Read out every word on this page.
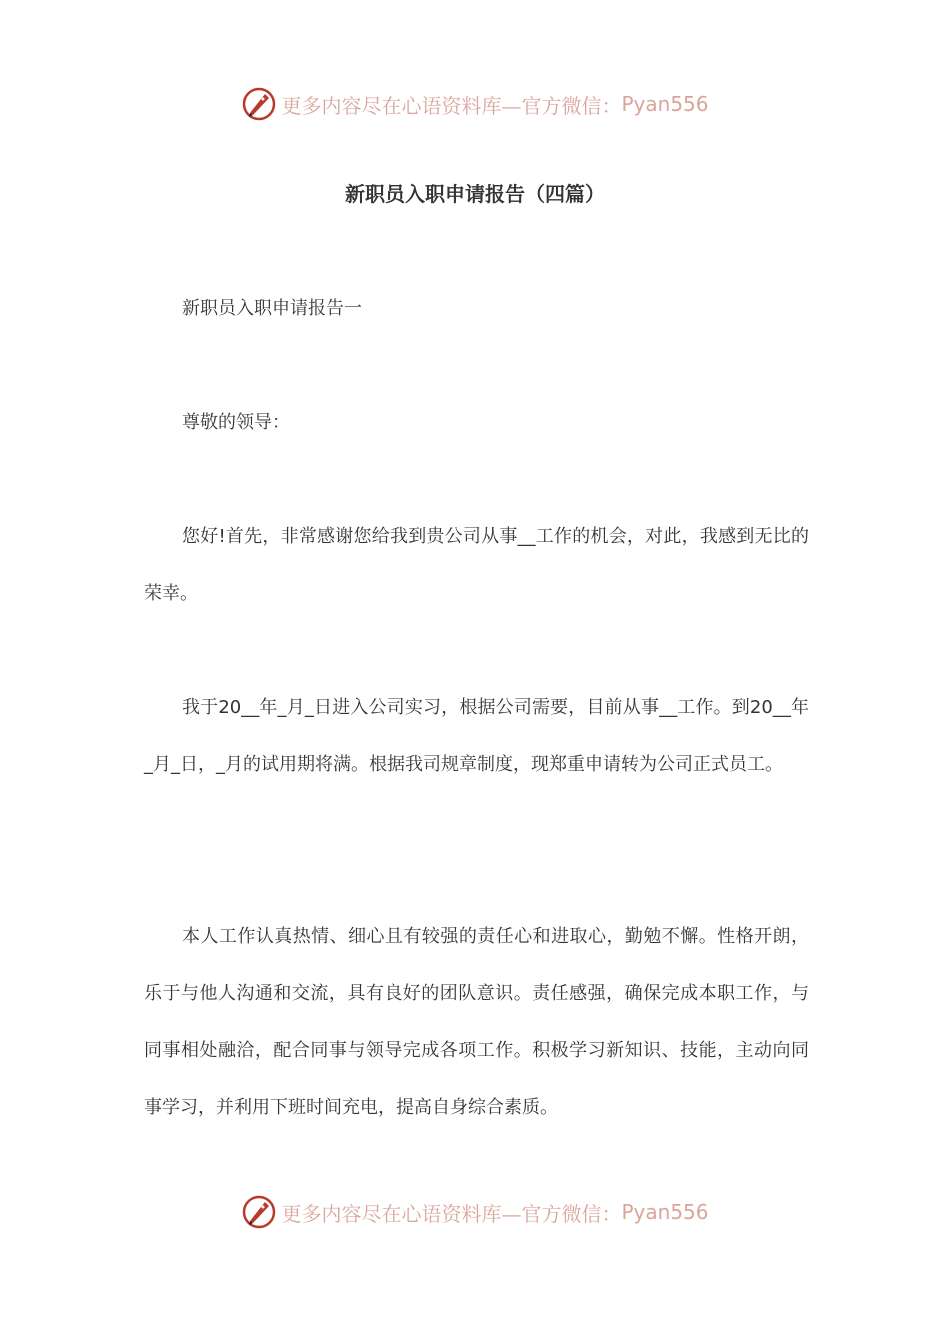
更多内容尽在心语资料库—官方微信： Pyan556
新职员入职申请报告（四篇）

新职员入职申请报告一

尊敬的领导：

您好!首先，非常感谢您给我到贵公司从事__工作的机会，对此，我感到无比的荣幸。

我于20__年_月_日进入公司实习，根据公司需要，目前从事__工作。到20__年_月_日，_月的试用期将满。根据我司规章制度，现郑重申请转为公司正式员工。

本人工作认真热情、细心且有较强的责任心和进取心，勤勉不懈。性格开朗，乐于与他人沟通和交流，具有良好的团队意识。责任感强，确保完成本职工作，与同事相处融洽，配合同事与领导完成各项工作。积极学习新知识、技能，主动向同事学习，并利用下班时间充电，提高自身综合素质。

更多内容尽在心语资料库—官方微信： Pyan556
